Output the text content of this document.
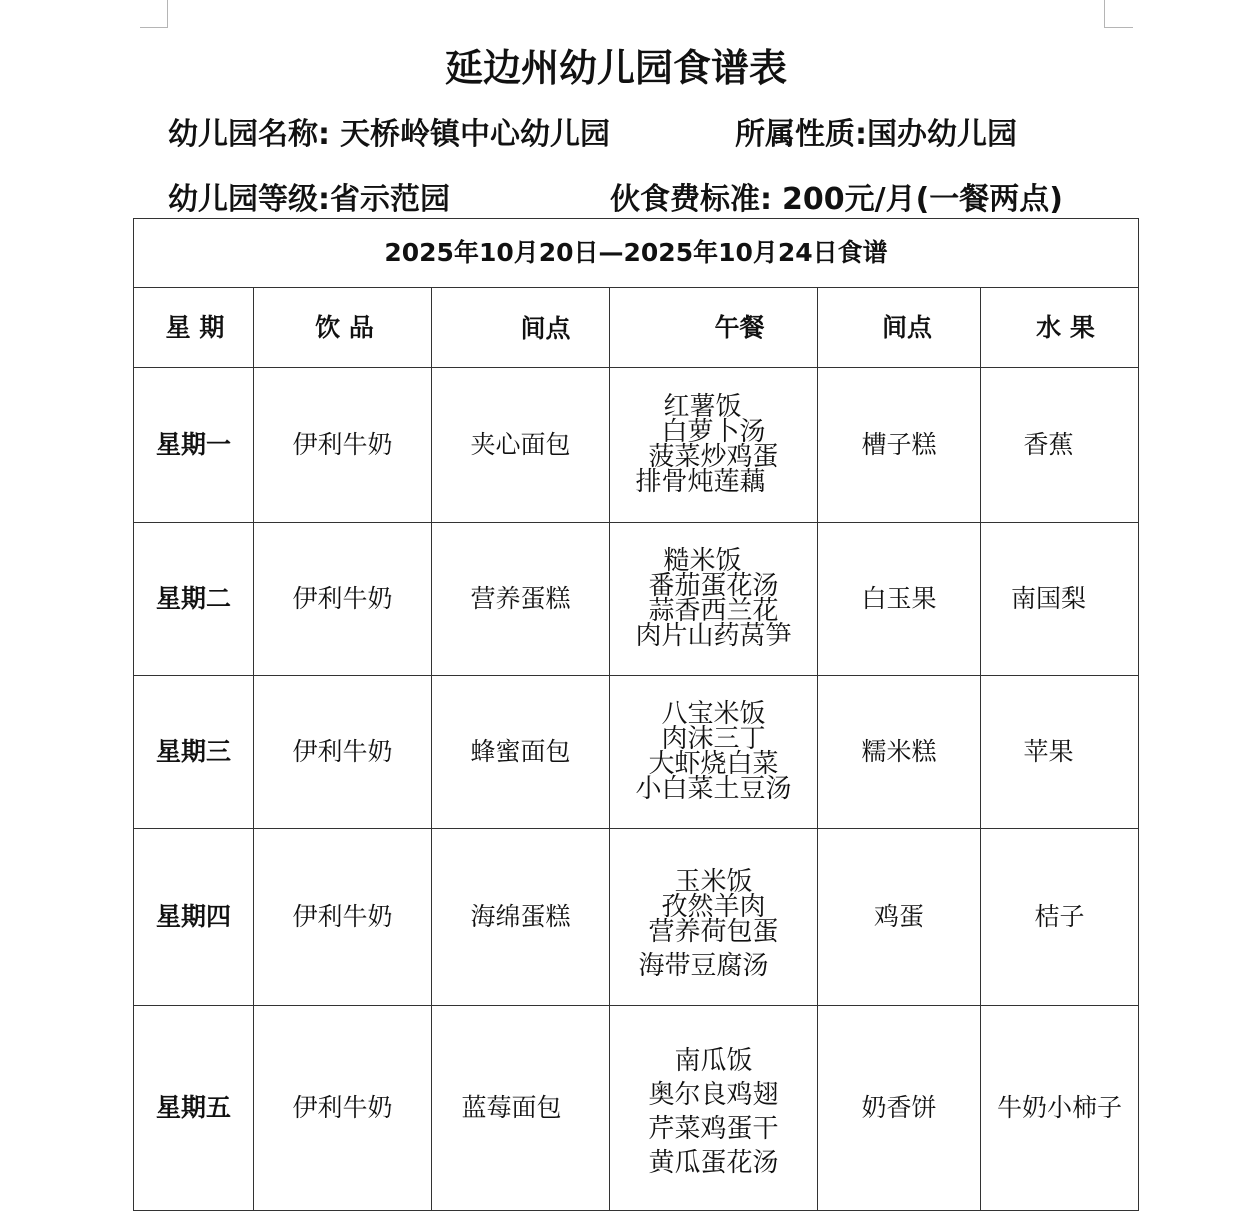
延边州幼儿园食谱表
幼儿园名称: 天桥岭镇中心幼儿园	所属性质:国办幼儿园
幼儿园等级:省示范园	伙食费标准: 200元/月(一餐两点)
2025年10月20日—2025年10月24日食谱					
星 期	饮 品	间点	午餐	间点	水 果
星期一	伊利牛奶	夹心面包	红薯饭
白萝卜汤
菠菜炒鸡蛋
排骨炖莲藕	槽子糕	香蕉
星期二	伊利牛奶	营养蛋糕	糙米饭
番茄蛋花汤
蒜香西兰花
肉片山药莴笋	白玉果	南国梨
星期三	伊利牛奶	蜂蜜面包	八宝米饭
肉沫三丁
大虾烧白菜
小白菜土豆汤	糯米糕	苹果
星期四	伊利牛奶	海绵蛋糕	玉米饭
孜然羊肉
营养荷包蛋
海带豆腐汤	鸡蛋	桔子
星期五	伊利牛奶	蓝莓面包	南瓜饭
奥尔良鸡翅
芹菜鸡蛋干
黄瓜蛋花汤	奶香饼	牛奶小柿子
